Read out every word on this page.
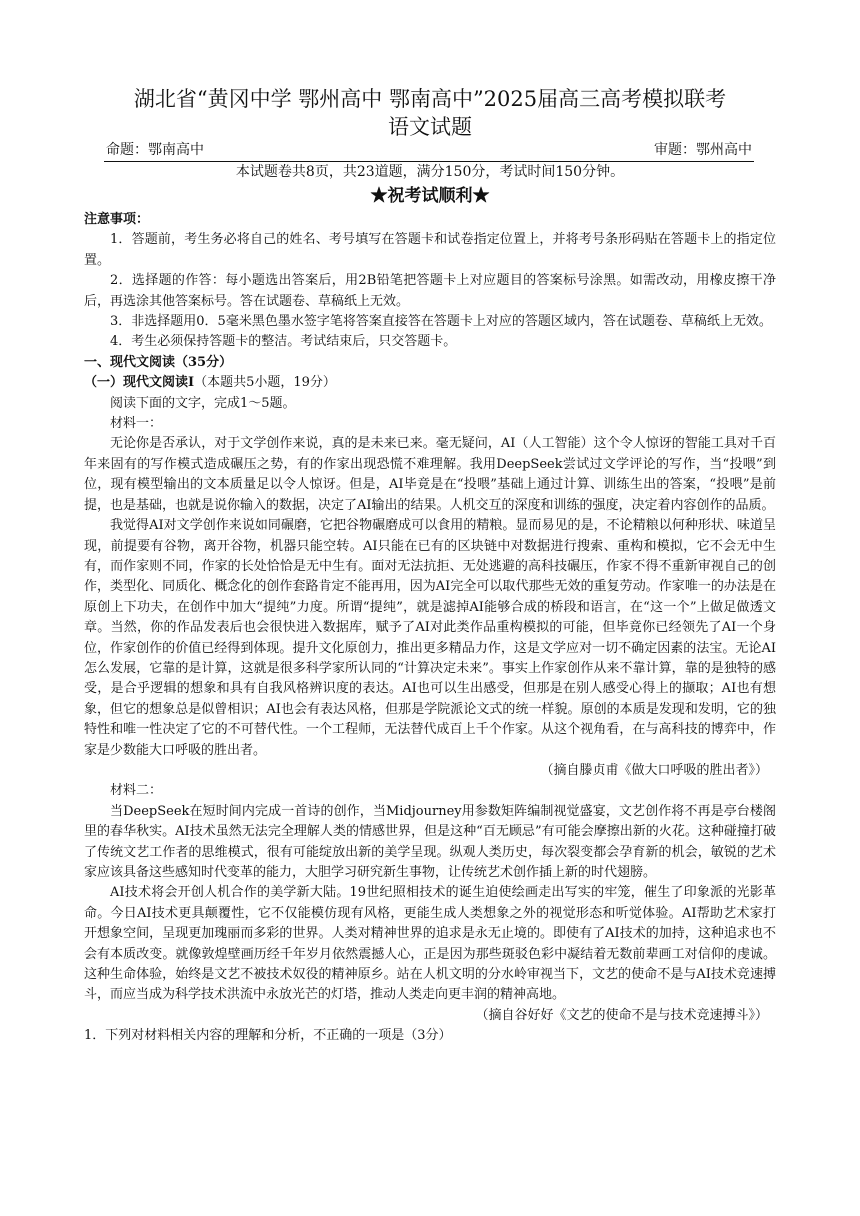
湖北省“黄冈中学 鄂州高中 鄂南高中”2025届高三高考模拟联考
语文试题
命题：鄂南高中	审题：鄂州高中
本试题卷共8页，共23道题，满分150分，考试时间150分钟。
★祝考试顺利★

注意事项：

1．答题前，考生务必将自己的姓名、考号填写在答题卡和试卷指定位置上，并将考号条形码贴在答题卡上的指定位置。

2．选择题的作答：每小题选出答案后，用2B铅笔把答题卡上对应题目的答案标号涂黑。如需改动，用橡皮擦干净后，再选涂其他答案标号。答在试题卷、草稿纸上无效。

3．非选择题用0．5毫米黑色墨水签字笔将答案直接答在答题卡上对应的答题区域内，答在试题卷、草稿纸上无效。

4．考生必须保持答题卡的整洁。考试结束后，只交答题卡。

一、现代文阅读（35分）

（一）现代文阅读Ⅰ（本题共5小题，19分）

阅读下面的文字，完成1～5题。

材料一：

无论你是否承认，对于文学创作来说，真的是未来已来。毫无疑问，AI（人工智能）这个令人惊讶的智能工具对千百年来固有的写作模式造成碾压之势，有的作家出现恐慌不难理解。我用DeepSeek尝试过文学评论的写作，当“投喂”到位，现有模型输出的文本质量足以令人惊讶。但是，AI毕竟是在“投喂”基础上通过计算、训练生出的答案，“投喂”是前提，也是基础，也就是说你输入的数据，决定了AI输出的结果。人机交互的深度和训练的强度，决定着内容创作的品质。

我觉得AI对文学创作来说如同碾磨，它把谷物碾磨成可以食用的精粮。显而易见的是，不论精粮以何种形状、味道呈现，前提要有谷物，离开谷物，机器只能空转。AI只能在已有的区块链中对数据进行搜索、重构和模拟，它不会无中生有，而作家则不同，作家的长处恰恰是无中生有。面对无法抗拒、无处逃避的高科技碾压，作家不得不重新审视自己的创作，类型化、同质化、概念化的创作套路肯定不能再用，因为AI完全可以取代那些无效的重复劳动。作家唯一的办法是在原创上下功夫，在创作中加大“提纯”力度。所谓“提纯”，就是滤掉AI能够合成的桥段和语言，在“这一个”上做足做透文章。当然，你的作品发表后也会很快进入数据库，赋予了AI对此类作品重构模拟的可能，但毕竟你已经领先了AI一个身位，作家创作的价值已经得到体现。提升文化原创力，推出更多精品力作，这是文学应对一切不确定因素的法宝。无论AI怎么发展，它靠的是计算，这就是很多科学家所认同的“计算决定未来”。事实上作家创作从来不靠计算，靠的是独特的感受，是合乎逻辑的想象和具有自我风格辨识度的表达。AI也可以生出感受，但那是在别人感受心得上的撷取；AI也有想象，但它的想象总是似曾相识；AI也会有表达风格，但那是学院派论文式的统一样貌。原创的本质是发现和发明，它的独特性和唯一性决定了它的不可替代性。一个工程师，无法替代成百上千个作家。从这个视角看，在与高科技的博弈中，作家是少数能大口呼吸的胜出者。

（摘自滕贞甫《做大口呼吸的胜出者》）

材料二：

当DeepSeek在短时间内完成一首诗的创作，当Midjourney用参数矩阵编制视觉盛宴，文艺创作将不再是亭台楼阁里的春华秋实。AI技术虽然无法完全理解人类的情感世界，但是这种“百无顾忌”有可能会摩擦出新的火花。这种碰撞打破了传统文艺工作者的思维模式，很有可能绽放出新的美学呈现。纵观人类历史，每次裂变都会孕育新的机会，敏锐的艺术家应该具备这些感知时代变革的能力，大胆学习研究新生事物，让传统艺术创作插上新的时代翅膀。

AI技术将会开创人机合作的美学新大陆。19世纪照相技术的诞生迫使绘画走出写实的牢笼，催生了印象派的光影革命。今日AI技术更具颠覆性，它不仅能模仿现有风格，更能生成人类想象之外的视觉形态和听觉体验。AI帮助艺术家打开想象空间，呈现更加瑰丽而多彩的世界。人类对精神世界的追求是永无止境的。即使有了AI技术的加持，这种追求也不会有本质改变。就像敦煌壁画历经千年岁月依然震撼人心，正是因为那些斑驳色彩中凝结着无数前辈画工对信仰的虔诚。这种生命体验，始终是文艺不被技术奴役的精神原乡。站在人机文明的分水岭审视当下，文艺的使命不是与AI技术竞速搏斗，而应当成为科学技术洪流中永放光芒的灯塔，推动人类走向更丰润的精神高地。

（摘自谷好好《文艺的使命不是与技术竞速搏斗》）

1．下列对材料相关内容的理解和分析，不正确的一项是（3分）
